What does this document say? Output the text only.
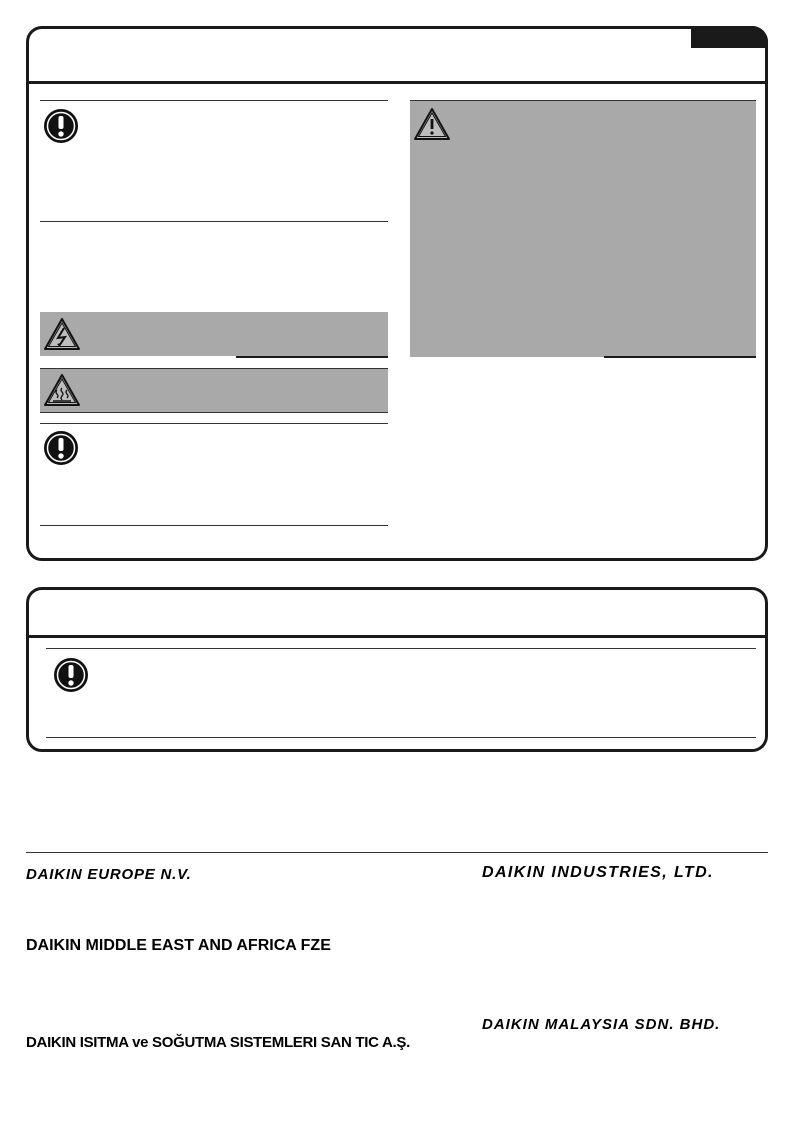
DAIKIN EUROPE N.V.	DAIKIN INDUSTRIES, LTD.
DAIKIN MIDDLE EAST AND AFRICA FZE
DAIKIN MALAYSIA SDN. BHD.
DAIKIN ISITMA ve SOĞUTMA SISTEMLERI SAN TIC A.Ş.
